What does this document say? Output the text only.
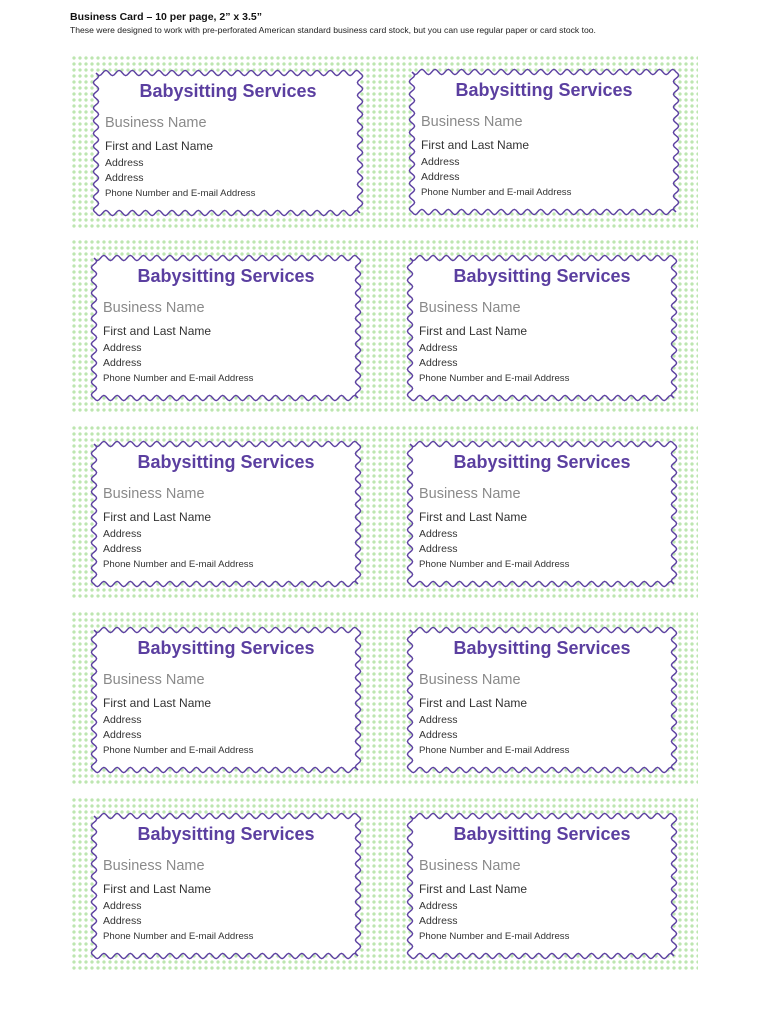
Business Card – 10 per page, 2” x 3.5”

These were designed to work with pre-perforated American standard business card stock, but you can use regular paper or card stock too.

Babysitting Services
Business Name
First and Last Name
Address
Address
Phone Number and E-mail Address
Babysitting Services
Business Name
First and Last Name
Address
Address
Phone Number and E-mail Address
Babysitting Services
Business Name
First and Last Name
Address
Address
Phone Number and E-mail Address
Babysitting Services
Business Name
First and Last Name
Address
Address
Phone Number and E-mail Address
Babysitting Services
Business Name
First and Last Name
Address
Address
Phone Number and E-mail Address
Babysitting Services
Business Name
First and Last Name
Address
Address
Phone Number and E-mail Address
Babysitting Services
Business Name
First and Last Name
Address
Address
Phone Number and E-mail Address
Babysitting Services
Business Name
First and Last Name
Address
Address
Phone Number and E-mail Address
Babysitting Services
Business Name
First and Last Name
Address
Address
Phone Number and E-mail Address
Babysitting Services
Business Name
First and Last Name
Address
Address
Phone Number and E-mail Address
